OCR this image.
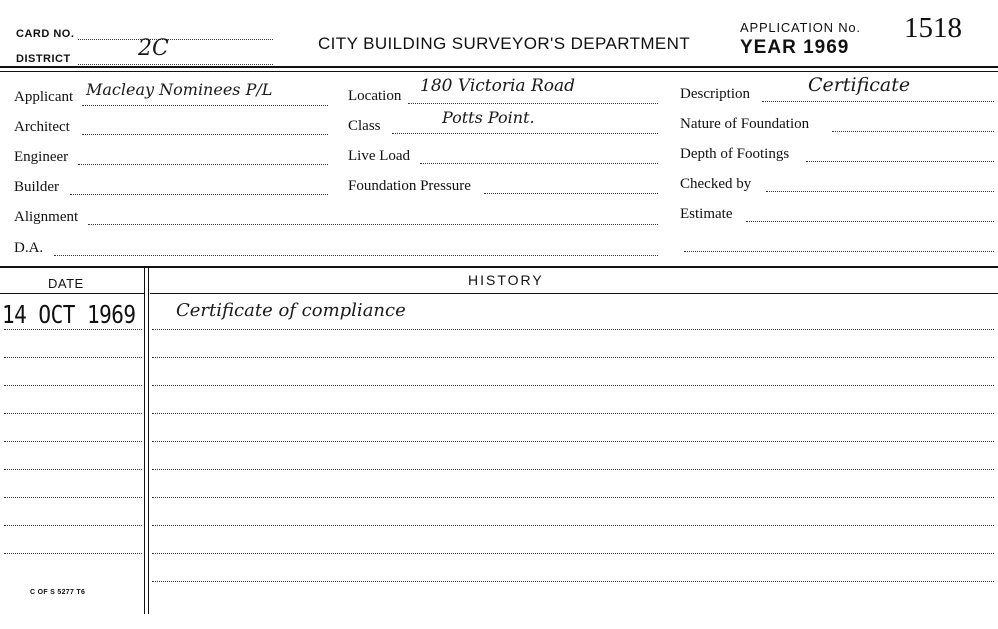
CARD NO.
DISTRICT	2C	CITY BUILDING SURVEYOR'S DEPARTMENT
APPLICATION No. 1518
YEAR 1969
Applicant Macleay Nominees P/L
Architect
Engineer
Builder
Alignment
D.A.
Location 180 Victoria Road
Class	Potts Point.
Live Load
Foundation Pressure
Description	Certificate
Nature of Foundation
Depth of Footings
Checked by
Estimate
DATE	HISTORY
14 OCT 1969 Certificate of compliance
C OF S 5277 T6
